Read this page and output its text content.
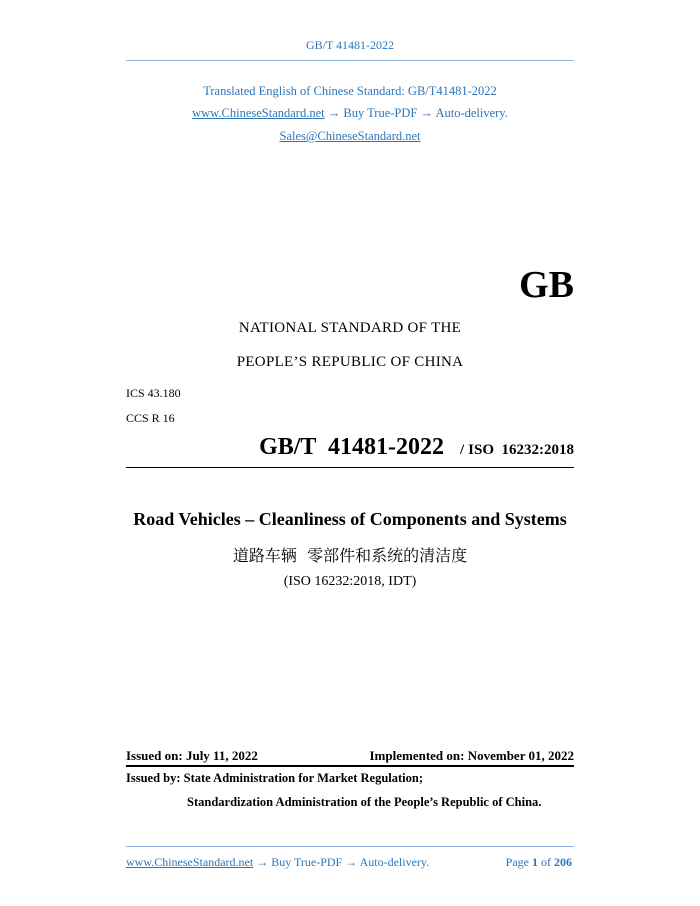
GB/T 41481-2022
Translated English of Chinese Standard: GB/T41481-2022
www.ChineseStandard.net → Buy True-PDF → Auto-delivery.
Sales@ChineseStandard.net
GB
NATIONAL STANDARD OF THE
PEOPLE’S REPUBLIC OF CHINA
ICS 43.180
CCS R 16
GB/T  41481-2022 / ISO  16232:2018
Road Vehicles – Cleanliness of Components and Systems
道路车辆  零部件和系统的清洁度
(ISO 16232:2018, IDT)
Issued on: July 11, 2022	Implemented on: November 01, 2022
Issued by: State Administration for Market Regulation;
Standardization Administration of the People’s Republic of China.
www.ChineseStandard.net → Buy True-PDF → Auto-delivery.	Page 1 of 206
